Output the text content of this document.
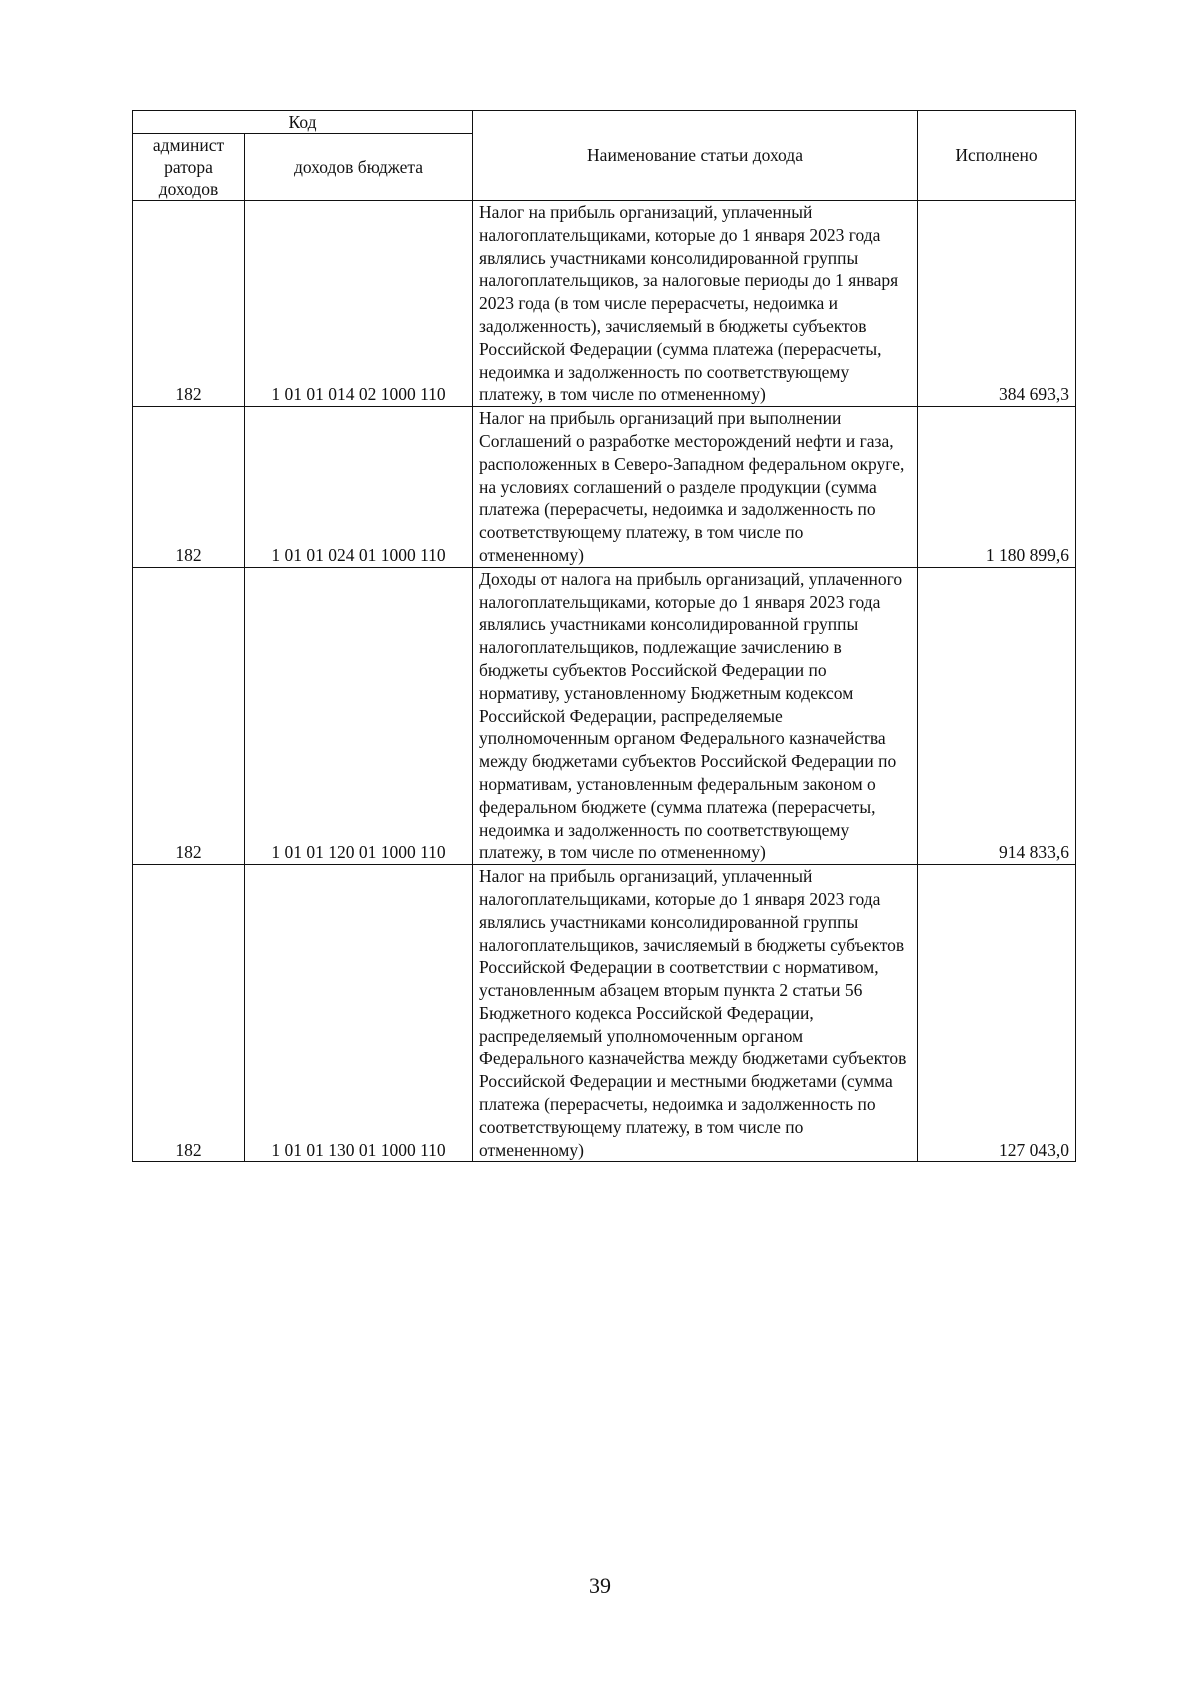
Код		Наименование статьи дохода	Исполнено
админист ратора доходов	доходов бюджета		
182	1 01 01 014 02 1000 110	Налог на прибыль организаций, уплаченный налогоплательщиками, которые до 1 января 2023 года являлись участниками консолидированной группы налогоплательщиков, за налоговые периоды до 1 января 2023 года (в том числе перерасчеты, недоимка и задолженность), зачисляемый в бюджеты субъектов Российской Федерации (сумма платежа (перерасчеты, недоимка и задолженность по соответствующему платежу, в том числе по отмененному)	384 693,3
182	1 01 01 024 01 1000 110	Налог на прибыль организаций при выполнении Соглашений о разработке месторождений нефти и газа, расположенных в Северо-Западном федеральном округе, на условиях соглашений о разделе продукции (сумма платежа (перерасчеты, недоимка и задолженность по соответствующему платежу, в том числе по отмененному)	1 180 899,6
182	1 01 01 120 01 1000 110	Доходы от налога на прибыль организаций, уплаченного налогоплательщиками, которые до 1 января 2023 года являлись участниками консолидированной группы налогоплательщиков, подлежащие зачислению в бюджеты субъектов Российской Федерации по нормативу, установленному Бюджетным кодексом Российской Федерации, распределяемые уполномоченным органом Федерального казначейства между бюджетами субъектов Российской Федерации по нормативам, установленным федеральным законом о федеральном бюджете (сумма платежа (перерасчеты, недоимка и задолженность по соответствующему платежу, в том числе по отмененному)	914 833,6
182	1 01 01 130 01 1000 110	Налог на прибыль организаций, уплаченный налогоплательщиками, которые до 1 января 2023 года являлись участниками консолидированной группы налогоплательщиков, зачисляемый в бюджеты субъектов Российской Федерации в соответствии с нормативом, установленным абзацем вторым пункта 2 статьи 56 Бюджетного кодекса Российской Федерации, распределяемый уполномоченным органом Федерального казначейства между бюджетами субъектов Российской Федерации и местными бюджетами (сумма платежа (перерасчеты, недоимка и задолженность по соответствующему платежу, в том числе по отмененному)	127 043,0
39
